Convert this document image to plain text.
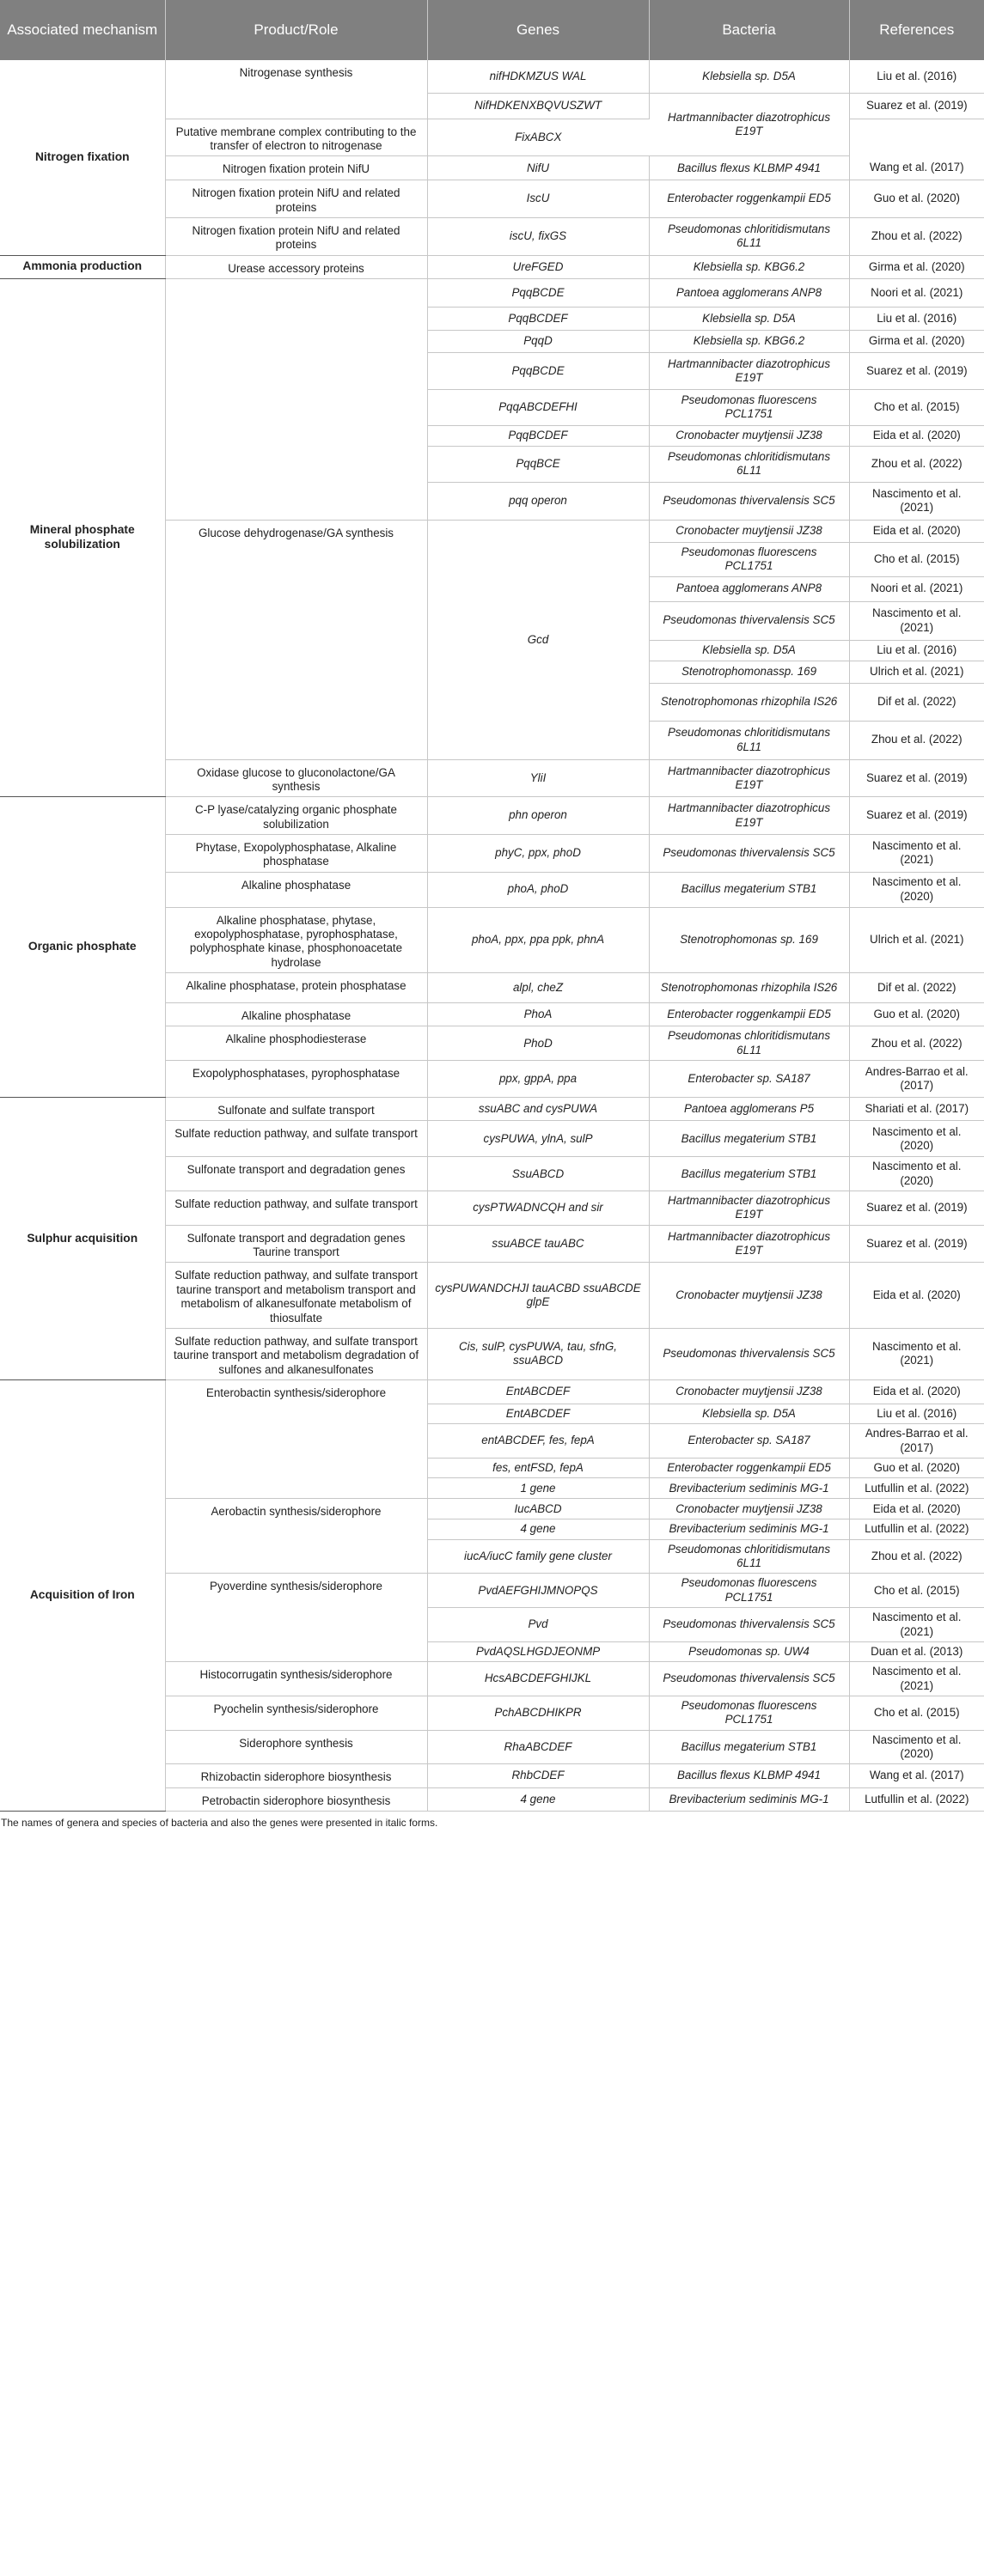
Associated mechanism	Product/Role	Genes	Bacteria	References
Nitrogen fixation	Nitrogenase synthesis	nifHDKMZUS WAL	Klebsiella sp. D5A	Liu et al. (2016)
		NifHDKENXBQVUSZWT	Hartmannibacter diazotrophicus E19T	Suarez et al. (2019)
	Putative membrane complex contributing to the transfer of electron to nitrogenase	FixABCX		
	Nitrogen fixation protein NifU	NifU	Bacillus flexus KLBMP 4941	Wang et al. (2017)
	Nitrogen fixation protein NifU and related proteins	IscU	Enterobacter roggenkampii ED5	Guo et al. (2020)
	Nitrogen fixation protein NifU and related proteins	iscU, fixGS	Pseudomonas chloritidismutans 6L11	Zhou et al. (2022)
Ammonia production	Urease accessory proteins	UreFGED	Klebsiella sp. KBG6.2	Girma et al. (2020)
Mineral phosphate solubilization		PqqBCDE	Pantoea agglomerans ANP8	Noori et al. (2021)
		PqqBCDEF	Klebsiella sp. D5A	Liu et al. (2016)
		PqqD	Klebsiella sp. KBG6.2	Girma et al. (2020)
		PqqBCDE	Hartmannibacter diazotrophicus E19T	Suarez et al. (2019)
		PqqABCDEFHI	Pseudomonas fluorescens PCL1751	Cho et al. (2015)
		PqqBCDEF	Cronobacter muytjensii JZ38	Eida et al. (2020)
		PqqBCE	Pseudomonas chloritidismutans 6L11	Zhou et al. (2022)
		pqq operon	Pseudomonas thivervalensis SC5	Nascimento et al. (2021)
	Glucose dehydrogenase/GA synthesis	Gcd	Cronobacter muytjensii JZ38	Eida et al. (2020)
			Pseudomonas fluorescens PCL1751	Cho et al. (2015)
			Pantoea agglomerans ANP8	Noori et al. (2021)
			Pseudomonas thivervalensis SC5	Nascimento et al. (2021)
			Klebsiella sp. D5A	Liu et al. (2016)
			Stenotrophomonassp. 169	Ulrich et al. (2021)
			Stenotrophomonas rhizophila IS26	Dif et al. (2022)
			Pseudomonas chloritidismutans 6L11	Zhou et al. (2022)
	Oxidase glucose to gluconolactone/GA synthesis	YliI	Hartmannibacter diazotrophicus E19T	Suarez et al. (2019)
Organic phosphate	C-P lyase/catalyzing organic phosphate solubilization	phn operon	Hartmannibacter diazotrophicus E19T	Suarez et al. (2019)
	Phytase, Exopolyphosphatase, Alkaline phosphatase	phyC, ppx, phoD	Pseudomonas thivervalensis SC5	Nascimento et al. (2021)
	Alkaline phosphatase	phoA, phoD	Bacillus megaterium STB1	Nascimento et al. (2020)
	Alkaline phosphatase, phytase, exopolyphosphatase, pyrophosphatase, polyphosphate kinase, phosphonoacetate hydrolase	phoA, ppx, ppa ppk, phnA	Stenotrophomonas sp. 169	Ulrich et al. (2021)
	Alkaline phosphatase, protein phosphatase	alpl, cheZ	Stenotrophomonas rhizophila IS26	Dif et al. (2022)
	Alkaline phosphatase	PhoA	Enterobacter roggenkampii ED5	Guo et al. (2020)
	Alkaline phosphodiesterase	PhoD	Pseudomonas chloritidismutans 6L11	Zhou et al. (2022)
	Exopolyphosphatases, pyrophosphatase	ppx, gppA, ppa	Enterobacter sp. SA187	Andres-Barrao et al. (2017)
Sulphur acquisition	Sulfonate and sulfate transport	ssuABC and cysPUWA	Pantoea agglomerans P5	Shariati et al. (2017)
	Sulfate reduction pathway, and sulfate transport	cysPUWA, ylnA, sulP	Bacillus megaterium STB1	Nascimento et al. (2020)
	Sulfonate transport and degradation genes	SsuABCD	Bacillus megaterium STB1	Nascimento et al. (2020)
	Sulfate reduction pathway, and sulfate transport	cysPTWADNCQH and sir	Hartmannibacter diazotrophicus E19T	Suarez et al. (2019)
	Sulfonate transport and degradation genes Taurine transport	ssuABCE tauABC	Hartmannibacter diazotrophicus E19T	Suarez et al. (2019)
	Sulfate reduction pathway, and sulfate transport taurine transport and metabolism transport and metabolism of alkanesulfonate metabolism of thiosulfate	cysPUWANDCHJI tauACBD ssuABCDE glpE	Cronobacter muytjensii JZ38	Eida et al. (2020)
	Sulfate reduction pathway, and sulfate transport taurine transport and metabolism degradation of sulfones and alkanesulfonates	Cis, sulP, cysPUWA, tau, sfnG, ssuABCD	Pseudomonas thivervalensis SC5	Nascimento et al. (2021)
Acquisition of Iron	Enterobactin synthesis/siderophore	EntABCDEF	Cronobacter muytjensii JZ38	Eida et al. (2020)
		EntABCDEF	Klebsiella sp. D5A	Liu et al. (2016)
		entABCDEF, fes, fepA	Enterobacter sp. SA187	Andres-Barrao et al. (2017)
		fes, entFSD, fepA	Enterobacter roggenkampii ED5	Guo et al. (2020)
		1 gene	Brevibacterium sediminis MG-1	Lutfullin et al. (2022)
	Aerobactin synthesis/siderophore	IucABCD	Cronobacter muytjensii JZ38	Eida et al. (2020)
		4 gene	Brevibacterium sediminis MG-1	Lutfullin et al. (2022)
		iucA/iucC family gene cluster	Pseudomonas chloritidismutans 6L11	Zhou et al. (2022)
	Pyoverdine synthesis/siderophore	PvdAEFGHIJMNOPQS	Pseudomonas fluorescens PCL1751	Cho et al. (2015)
		Pvd	Pseudomonas thivervalensis SC5	Nascimento et al. (2021)
		PvdAQSLHGDJEONMP	Pseudomonas sp. UW4	Duan et al. (2013)
	Histocorrugatin synthesis/siderophore	HcsABCDEFGHIJKL	Pseudomonas thivervalensis SC5	Nascimento et al. (2021)
	Pyochelin synthesis/siderophore	PchABCDHIKPR	Pseudomonas fluorescens PCL1751	Cho et al. (2015)
	Siderophore synthesis	RhaABCDEF	Bacillus megaterium STB1	Nascimento et al. (2020)
	Rhizobactin siderophore biosynthesis	RhbCDEF	Bacillus flexus KLBMP 4941	Wang et al. (2017)
	Petrobactin siderophore biosynthesis	4 gene	Brevibacterium sediminis MG-1	Lutfullin et al. (2022)
The names of genera and species of bacteria and also the genes were presented in italic forms.
